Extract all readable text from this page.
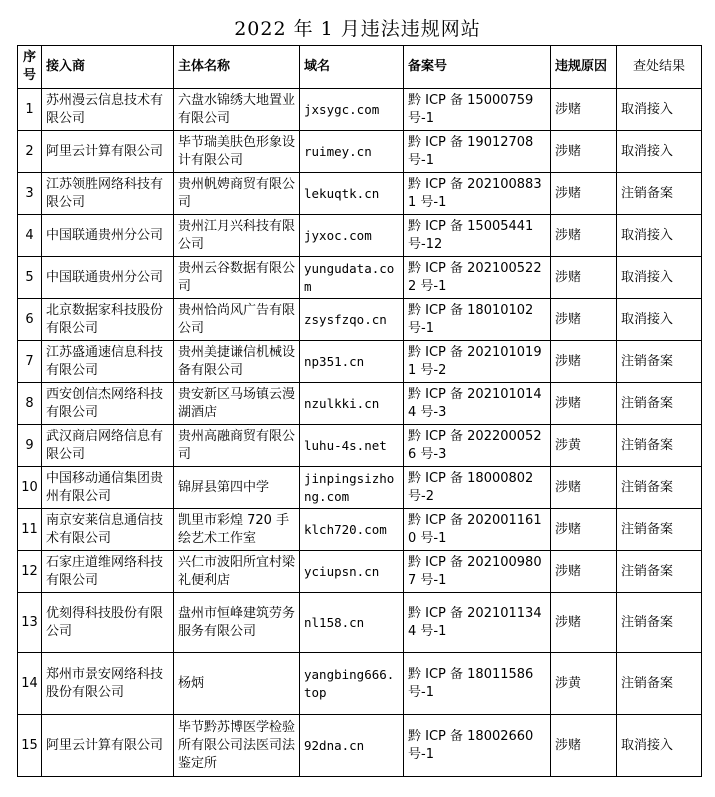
2022 年 1 月违法违规网站
序号	接入商	主体名称	域名	备案号	违规原因	查处结果
1	苏州漫云信息技术有限公司	六盘水锦绣大地置业有限公司	jxsygc.com	黔 ICP 备 15000759 号-1	涉赌	取消接入
2	阿里云计算有限公司	毕节瑞美肤色形象设计有限公司	ruimey.cn	黔 ICP 备 19012708 号-1	涉赌	取消接入
3	江苏领胜网络科技有限公司	贵州帆娉商贸有限公司	lekuqtk.cn	黔 ICP 备 2021008831 号-1	涉赌	注销备案
4	中国联通贵州分公司	贵州江月兴科技有限公司	jyxoc.com	黔 ICP 备 15005441 号-12	涉赌	取消接入
5	中国联通贵州分公司	贵州云谷数据有限公司	yungudata.com	黔 ICP 备 2021005222 号-1	涉赌	取消接入
6	北京数据家科技股份有限公司	贵州恰尚风广告有限公司	zsysfzqo.cn	黔 ICP 备 18010102 号-1	涉赌	取消接入
7	江苏盛通速信息科技有限公司	贵州美捷谦信机械设备有限公司	np351.cn	黔 ICP 备 2021010191 号-2	涉赌	注销备案
8	西安创信杰网络科技有限公司	贵安新区马场镇云漫湖酒店	nzulkki.cn	黔 ICP 备 2021010144 号-3	涉赌	注销备案
9	武汉商启网络信息有限公司	贵州高融商贸有限公司	luhu-4s.net	黔 ICP 备 2022000526 号-3	涉黄	注销备案
10	中国移动通信集团贵州有限公司	锦屏县第四中学	jinpingsizhong.com	黔 ICP 备 18000802 号-2	涉赌	注销备案
11	南京安莱信息通信技术有限公司	凯里市彩煌 720 手绘艺术工作室	klch720.com	黔 ICP 备 2020011610 号-1	涉赌	注销备案
12	石家庄道维网络科技有限公司	兴仁市波阳所宜村梁礼便利店	yciupsn.cn	黔 ICP 备 2021009807 号-1	涉赌	注销备案
13	优刻得科技股份有限公司	盘州市恒峰建筑劳务服务有限公司	nl158.cn	黔 ICP 备 2021011344 号-1	涉赌	注销备案
14	郑州市景安网络科技股份有限公司	杨炳	yangbing666.top	黔 ICP 备 18011586 号-1	涉黄	注销备案
15	阿里云计算有限公司	毕节黔苏博医学检验所有限公司法医司法鉴定所	92dna.cn	黔 ICP 备 18002660 号-1	涉赌	取消接入
